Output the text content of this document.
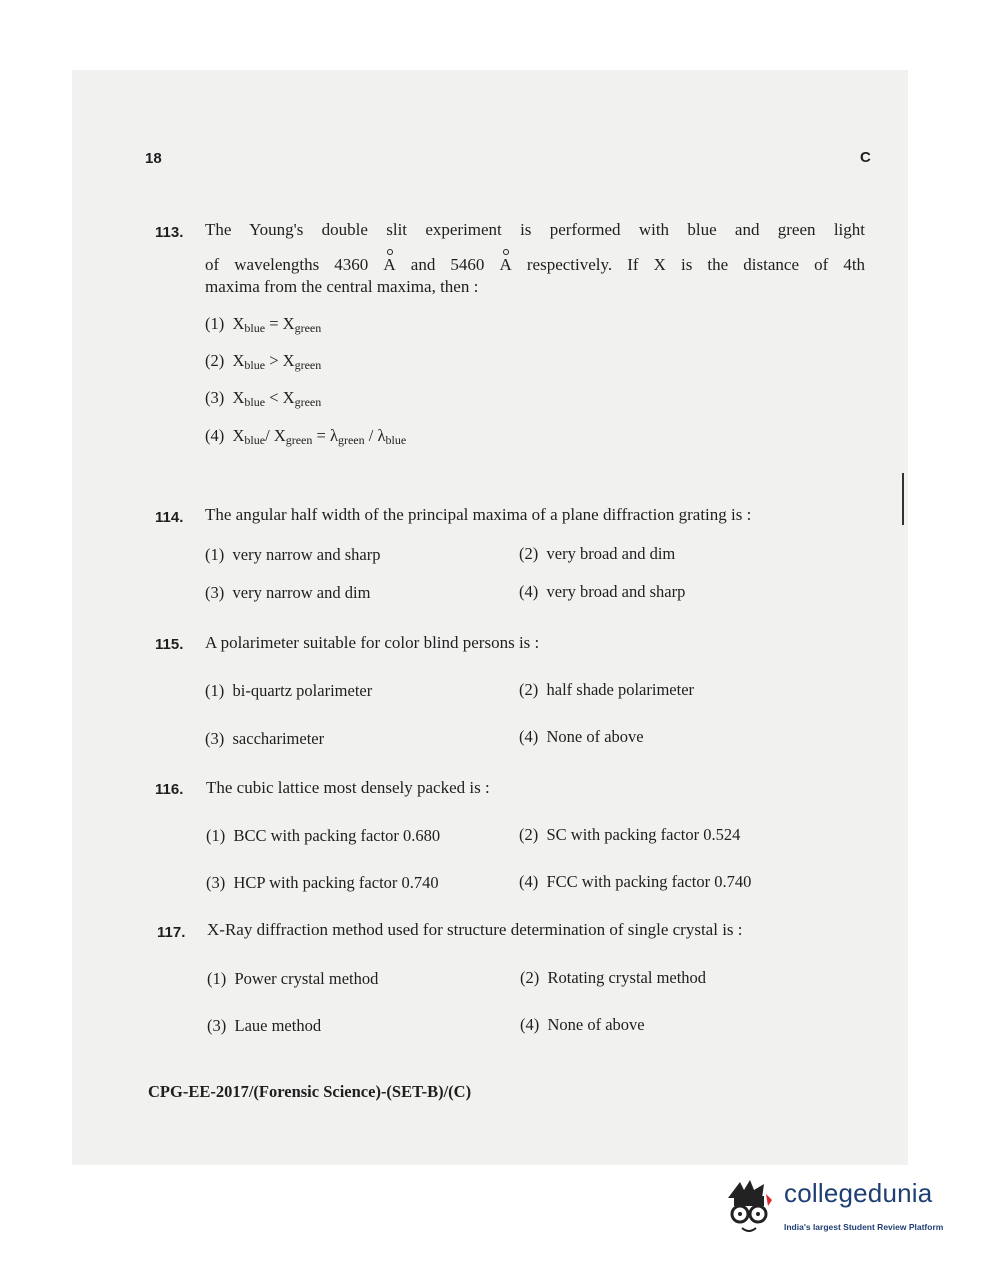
18	C
113. The Young's double slit experiment is performed with blue and green light
of wavelengths 4360 A and 5460 A respectively. If X is the distance of 4th
maxima from the central maxima, then :
(1) $X_{blue} = X_{green}$
(2) $X_{blue} > X_{green}$
(3) $X_{blue} < X_{green}$
(4) $X_{blue}/$ $X_{green} = \lambda_{green} / \lambda_{blue}$
114. The angular half width of the principal maxima of a plane diffraction grating is :
(1) very narrow and sharp	(2) very broad and dim
(3) very narrow and dim	(4) very broad and sharp
115. A polarimeter suitable for color blind persons is :
(1) bi-quartz polarimeter	(2) half shade polarimeter
(3) saccharimeter	(4) None of above
116. The cubic lattice most densely packed is :
(1) BCC with packing factor 0.680	(2) SC with packing factor 0.524
(3) HCP with packing factor 0.740	(4) FCC with packing factor 0.740
117. X-Ray diffraction method used for structure determination of single crystal is :
(1) Power crystal method	(2) Rotating crystal method
(3) Laue method	(4) None of above
CPG-EE-2017/(Forensic Science)-(SET-B)/(C)
collegedunia
India's largest Student Review Platform
